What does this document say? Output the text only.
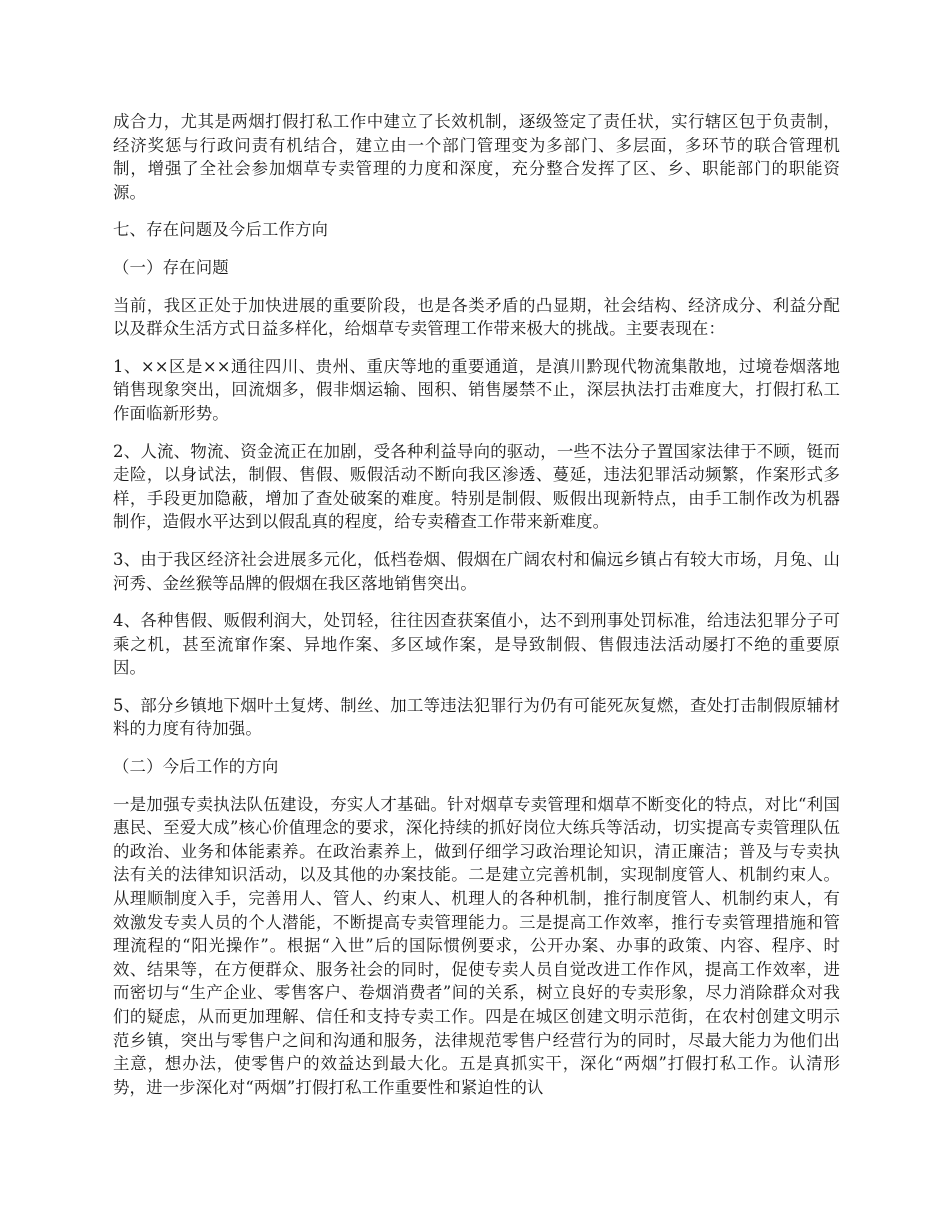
成合力，尤其是两烟打假打私工作中建立了长效机制，逐级签定了责任状，实行辖区包于负责制，经济奖惩与行政问责有机结合，建立由一个部门管理变为多部门、多层面，多环节的联合管理机制，增强了全社会参加烟草专卖管理的力度和深度，充分整合发挥了区、乡、职能部门的职能资源。

七、存在问题及今后工作方向

（一）存在问题

当前，我区正处于加快进展的重要阶段，也是各类矛盾的凸显期，社会结构、经济成分、利益分配以及群众生活方式日益多样化，给烟草专卖管理工作带来极大的挑战。主要表现在：

1、××区是××通往四川、贵州、重庆等地的重要通道，是滇川黔现代物流集散地，过境卷烟落地销售现象突出，回流烟多，假非烟运输、囤积、销售屡禁不止，深层执法打击难度大，打假打私工作面临新形势。

2、人流、物流、资金流正在加剧，受各种利益导向的驱动，一些不法分子置国家法律于不顾，铤而走险，以身试法，制假、售假、贩假活动不断向我区渗透、蔓延，违法犯罪活动频繁，作案形式多样，手段更加隐蔽，增加了查处破案的难度。特别是制假、贩假出现新特点，由手工制作改为机器制作，造假水平达到以假乱真的程度，给专卖稽查工作带来新难度。

3、由于我区经济社会进展多元化，低档卷烟、假烟在广阔农村和偏远乡镇占有较大市场，月兔、山河秀、金丝猴等品牌的假烟在我区落地销售突出。

4、各种售假、贩假利润大，处罚轻，往往因查获案值小，达不到刑事处罚标准，给违法犯罪分子可乘之机，甚至流窜作案、异地作案、多区域作案，是导致制假、售假违法活动屡打不绝的重要原因。

5、部分乡镇地下烟叶土复烤、制丝、加工等违法犯罪行为仍有可能死灰复燃，查处打击制假原辅材料的力度有待加强。

（二）今后工作的方向

一是加强专卖执法队伍建设，夯实人才基础。针对烟草专卖管理和烟草不断变化的特点，对比“利国惠民、至爱大成”核心价值理念的要求，深化持续的抓好岗位大练兵等活动，切实提高专卖管理队伍的政治、业务和体能素养。在政治素养上，做到仔细学习政治理论知识，清正廉洁；普及与专卖执法有关的法律知识活动，以及其他的办案技能。二是建立完善机制，实现制度管人、机制约束人。从理顺制度入手，完善用人、管人、约束人、机理人的各种机制，推行制度管人、机制约束人，有效激发专卖人员的个人潜能，不断提高专卖管理能力。三是提高工作效率，推行专卖管理措施和管理流程的“阳光操作”。根据“入世”后的国际惯例要求，公开办案、办事的政策、内容、程序、时效、结果等，在方便群众、服务社会的同时，促使专卖人员自觉改进工作作风，提高工作效率，进而密切与“生产企业、零售客户、卷烟消费者”间的关系，树立良好的专卖形象，尽力消除群众对我们的疑虑，从而更加理解、信任和支持专卖工作。四是在城区创建文明示范街，在农村创建文明示范乡镇，突出与零售户之间和沟通和服务，法律规范零售户经营行为的同时，尽最大能力为他们出主意，想办法，使零售户的效益达到最大化。五是真抓实干，深化“两烟”打假打私工作。认清形势，进一步深化对“两烟”打假打私工作重要性和紧迫性的认
